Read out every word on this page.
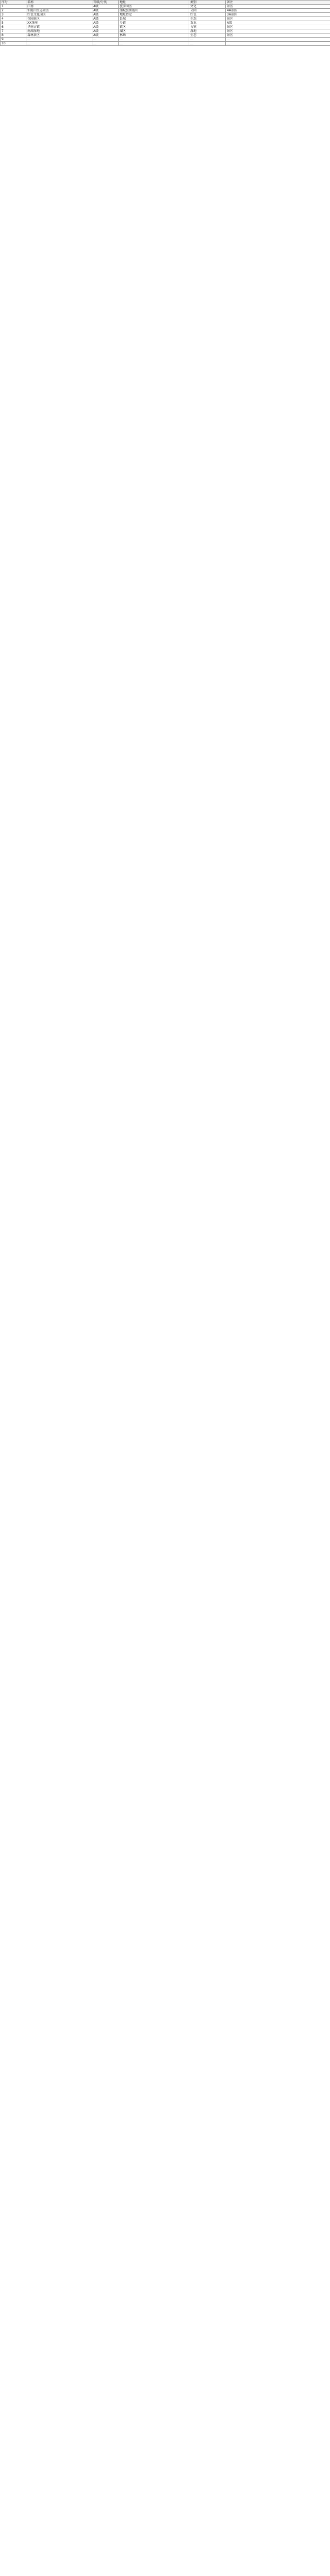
序号	名称	等级/分类	地址	类别	备注
1	江南	A级	旅游园区	文化	景区
2	仙霞山生态景区	A级	浦城县仙霞山	公园	4A景区
3	红色文化园区	A级	地址待定	红色	3A景区
4	花园景区	A级	县城	生态	景区
5	XX茶庄	A级	乡镇	农业	A级
6	华南古镇	A级	镇区	古镇	景区
7	南湖湿地	A级	湖区	湿地	景区
8	森林景区	A级	林场	生态	景区
9	…	…	…	…	…
10	…	…	…	…	…
